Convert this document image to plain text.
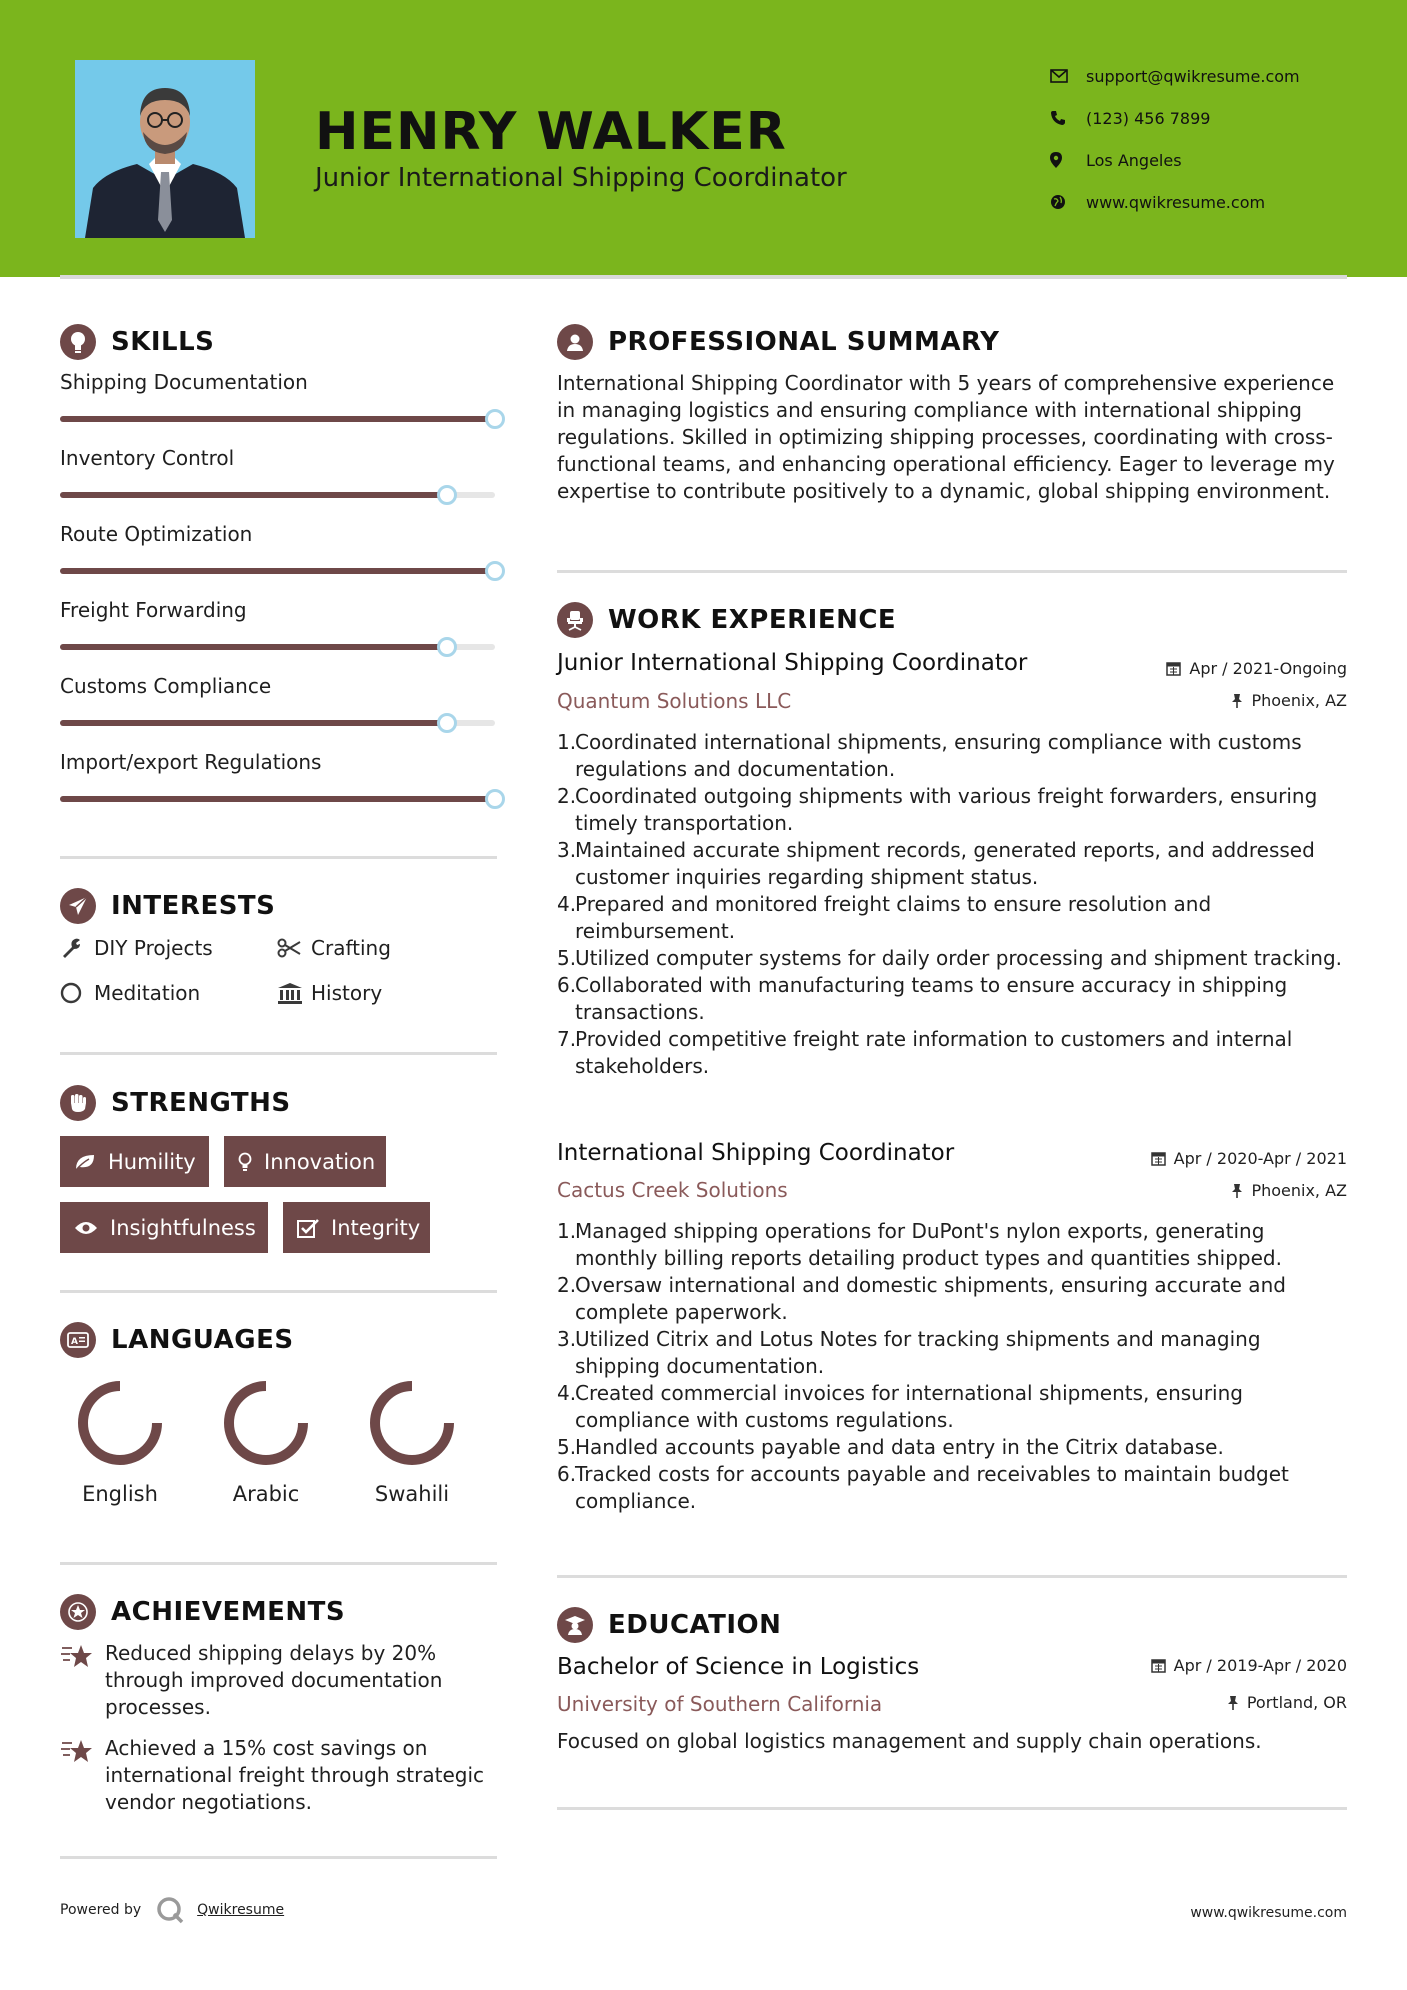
HENRY WALKER
Junior International Shipping Coordinator
support@qwikresume.com
(123) 456 7899
Los Angeles
www.qwikresume.com
SKILLS
Shipping Documentation
Inventory Control
Route Optimization
Freight Forwarding
Customs Compliance
Import/export Regulations
INTERESTS
DIY Projects	Crafting
Meditation	History
STRENGTHS
Humility	Innovation
Insightfulness	Integrity
A LANGUAGES
English	Arabic	Swahili
ACHIEVEMENTS
Reduced shipping delays by 20% through improved documentation processes.
Achieved a 15% cost savings on international freight through strategic vendor negotiations.
PROFESSIONAL SUMMARY
International Shipping Coordinator with 5 years of comprehensive experience in managing logistics and ensuring compliance with international shipping regulations. Skilled in optimizing shipping processes, coordinating with cross-functional teams, and enhancing operational efficiency. Eager to leverage my expertise to contribute positively to a dynamic, global shipping environment.
WORK EXPERIENCE
Junior International Shipping Coordinator	Apr / 2021-Ongoing
Quantum Solutions LLC	Phoenix, AZ
1.
Coordinated international shipments, ensuring compliance with customs regulations and documentation.
2.
Coordinated outgoing shipments with various freight forwarders, ensuring timely transportation.
3.
Maintained accurate shipment records, generated reports, and addressed customer inquiries regarding shipment status.
4.
Prepared and monitored freight claims to ensure resolution and reimbursement.
5.
Utilized computer systems for daily order processing and shipment tracking.
6.
Collaborated with manufacturing teams to ensure accuracy in shipping transactions.
7.
Provided competitive freight rate information to customers and internal stakeholders.
International Shipping Coordinator	Apr / 2020-Apr / 2021
Cactus Creek Solutions	Phoenix, AZ
1.
Managed shipping operations for DuPont's nylon exports, generating monthly billing reports detailing product types and quantities shipped.
2.
Oversaw international and domestic shipments, ensuring accurate and complete paperwork.
3.
Utilized Citrix and Lotus Notes for tracking shipments and managing shipping documentation.
4.
Created commercial invoices for international shipments, ensuring compliance with customs regulations.
5.
Handled accounts payable and data entry in the Citrix database.
6.
Tracked costs for accounts payable and receivables to maintain budget compliance.
EDUCATION
Bachelor of Science in Logistics	Apr / 2019-Apr / 2020
University of Southern California	Portland, OR
Focused on global logistics management and supply chain operations.
Powered by	Qwikresume	www.qwikresume.com
